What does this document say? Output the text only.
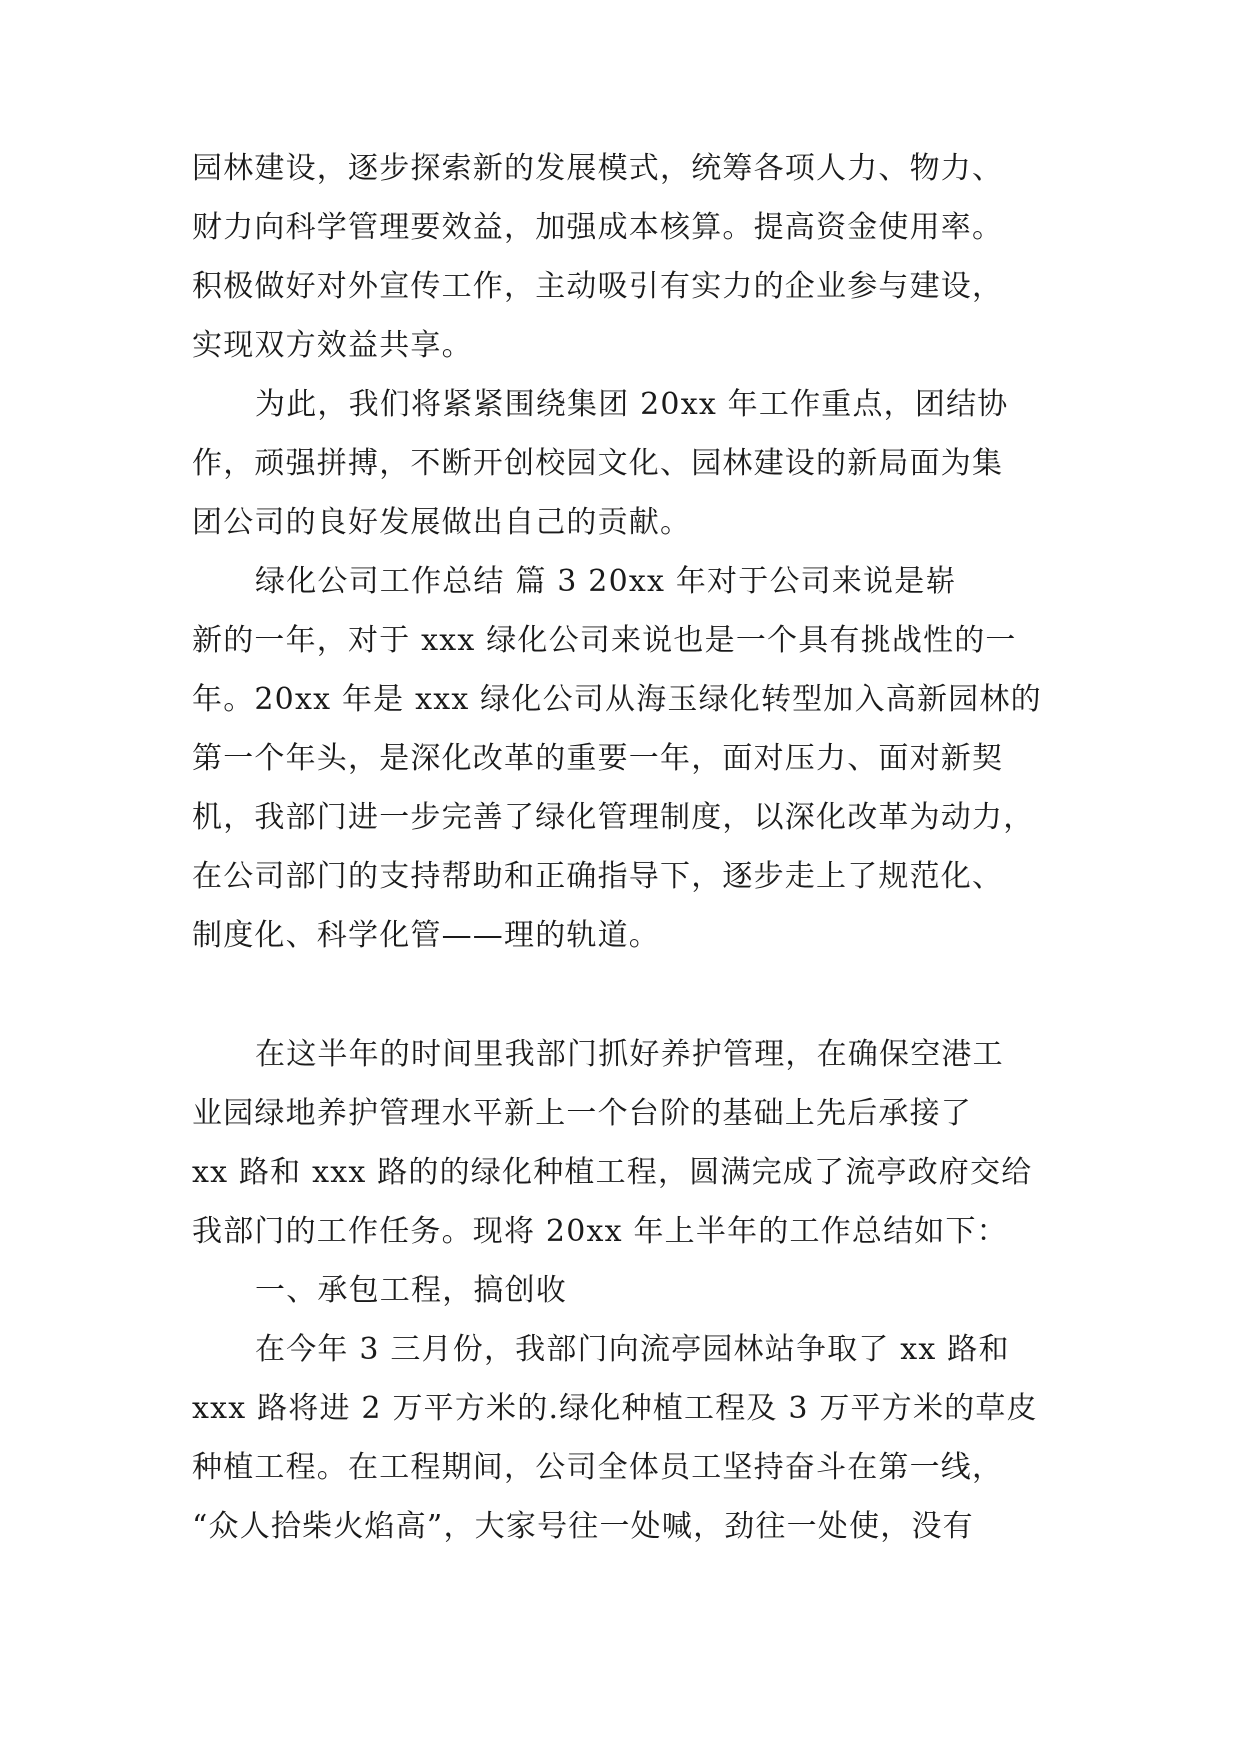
园林建设，逐步探索新的发展模式，统筹各项人力、物力、
财力向科学管理要效益，加强成本核算。提高资金使用率。
积极做好对外宣传工作，主动吸引有实力的企业参与建设，
实现双方效益共享。
为此，我们将紧紧围绕集团 20xx 年工作重点，团结协
作，顽强拼搏，不断开创校园文化、园林建设的新局面为集
团公司的良好发展做出自己的贡献。
绿化公司工作总结 篇 3 20xx 年对于公司来说是崭
新的一年，对于 xxx 绿化公司来说也是一个具有挑战性的一
年。20xx 年是 xxx 绿化公司从海玉绿化转型加入高新园林的
第一个年头，是深化改革的重要一年，面对压力、面对新契
机，我部门进一步完善了绿化管理制度，以深化改革为动力，
在公司部门的支持帮助和正确指导下，逐步走上了规范化、
制度化、科学化管——理的轨道。
在这半年的时间里我部门抓好养护管理，在确保空港工
业园绿地养护管理水平新上一个台阶的基础上先后承接了
xx 路和 xxx 路的的绿化种植工程，圆满完成了流亭政府交给
我部门的工作任务。现将 20xx 年上半年的工作总结如下：
一、承包工程，搞创收
在今年 3 三月份，我部门向流亭园林站争取了 xx 路和
xxx 路将进 2 万平方米的.绿化种植工程及 3 万平方米的草皮
种植工程。在工程期间，公司全体员工坚持奋斗在第一线，
“众人拾柴火焰高”，大家号往一处喊，劲往一处使，没有
